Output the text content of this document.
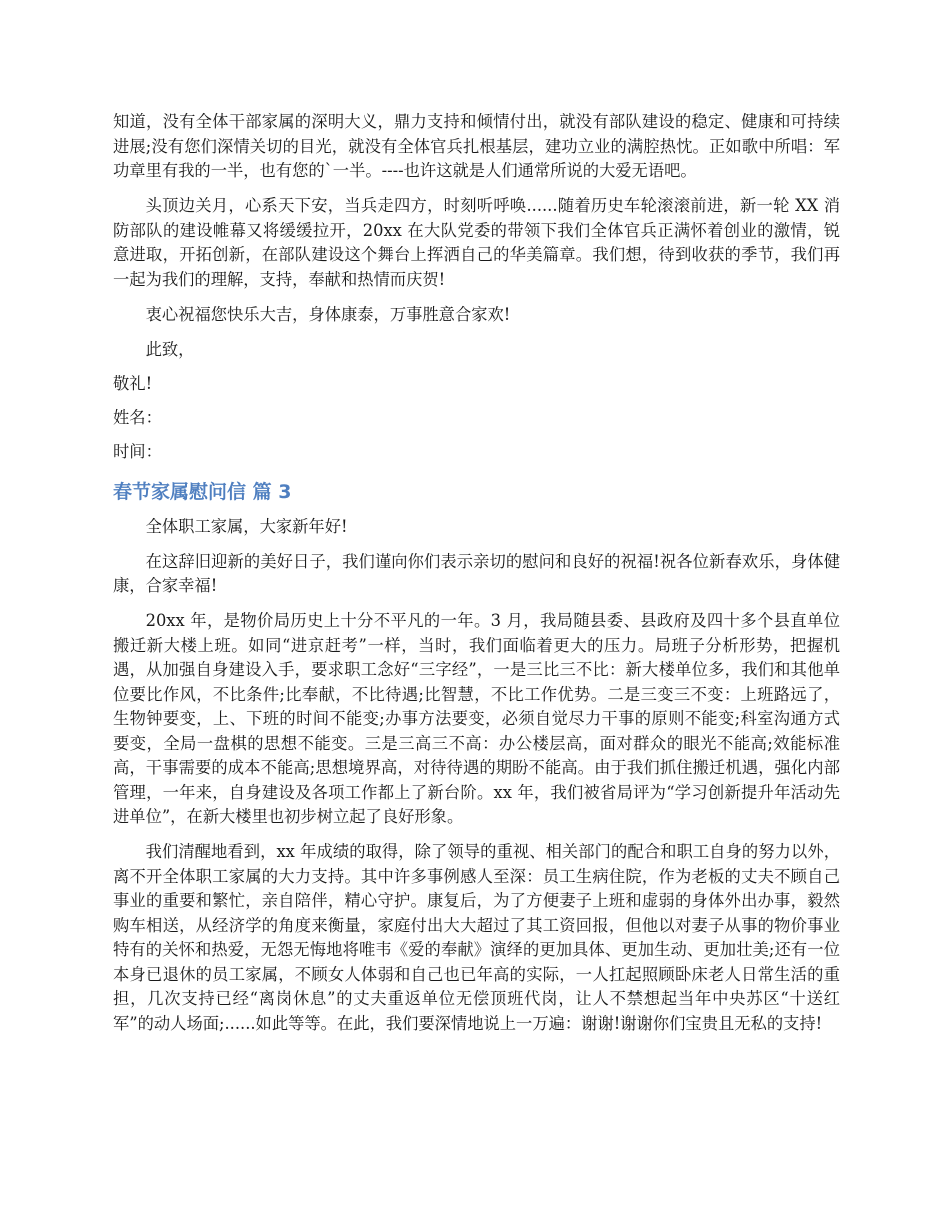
知道，没有全体干部家属的深明大义，鼎力支持和倾情付出，就没有部队建设的稳定、健康和可持续进展;没有您们深情关切的目光，就没有全体官兵扎根基层，建功立业的满腔热忱。正如歌中所唱：军功章里有我的一半，也有您的`一半。----也许这就是人们通常所说的大爱无语吧。

头顶边关月，心系天下安，当兵走四方，时刻听呼唤......随着历史车轮滚滚前进，新一轮 XX 消防部队的建设帷幕又将缓缓拉开，20xx 在大队党委的带领下我们全体官兵正满怀着创业的激情，锐意进取，开拓创新，在部队建设这个舞台上挥洒自己的华美篇章。我们想，待到收获的季节，我们再一起为我们的理解，支持，奉献和热情而庆贺!

衷心祝福您快乐大吉，身体康泰，万事胜意合家欢!

此致，

敬礼!

姓名：

时间：

春节家属慰问信 篇 3

全体职工家属，大家新年好!

在这辞旧迎新的美好日子，我们谨向你们表示亲切的慰问和良好的祝福!祝各位新春欢乐，身体健康，合家幸福!

20xx 年，是物价局历史上十分不平凡的一年。3 月，我局随县委、县政府及四十多个县直单位搬迁新大楼上班。如同“进京赶考”一样，当时，我们面临着更大的压力。局班子分析形势，把握机遇，从加强自身建设入手，要求职工念好“三字经”，一是三比三不比：新大楼单位多，我们和其他单位要比作风，不比条件;比奉献，不比待遇;比智慧，不比工作优势。二是三变三不变：上班路远了，生物钟要变，上、下班的时间不能变;办事方法要变，必须自觉尽力干事的原则不能变;科室沟通方式要变，全局一盘棋的思想不能变。三是三高三不高：办公楼层高，面对群众的眼光不能高;效能标准高，干事需要的成本不能高;思想境界高，对待待遇的期盼不能高。由于我们抓住搬迁机遇，强化内部管理，一年来，自身建设及各项工作都上了新台阶。xx 年，我们被省局评为“学习创新提升年活动先进单位”，在新大楼里也初步树立起了良好形象。

我们清醒地看到，xx 年成绩的取得，除了领导的重视、相关部门的配合和职工自身的努力以外，离不开全体职工家属的大力支持。其中许多事例感人至深：员工生病住院，作为老板的丈夫不顾自己事业的重要和繁忙，亲自陪伴，精心守护。康复后，为了方便妻子上班和虚弱的身体外出办事，毅然购车相送，从经济学的角度来衡量，家庭付出大大超过了其工资回报，但他以对妻子从事的物价事业特有的关怀和热爱，无怨无悔地将唯韦《爱的奉献》演绎的更加具体、更加生动、更加壮美;还有一位本身已退休的员工家属，不顾女人体弱和自己也已年高的实际，一人扛起照顾卧床老人日常生活的重担，几次支持已经“离岗休息”的丈夫重返单位无偿顶班代岗，让人不禁想起当年中央苏区“十送红军”的动人场面;......如此等等。在此，我们要深情地说上一万遍：谢谢!谢谢你们宝贵且无私的支持!
